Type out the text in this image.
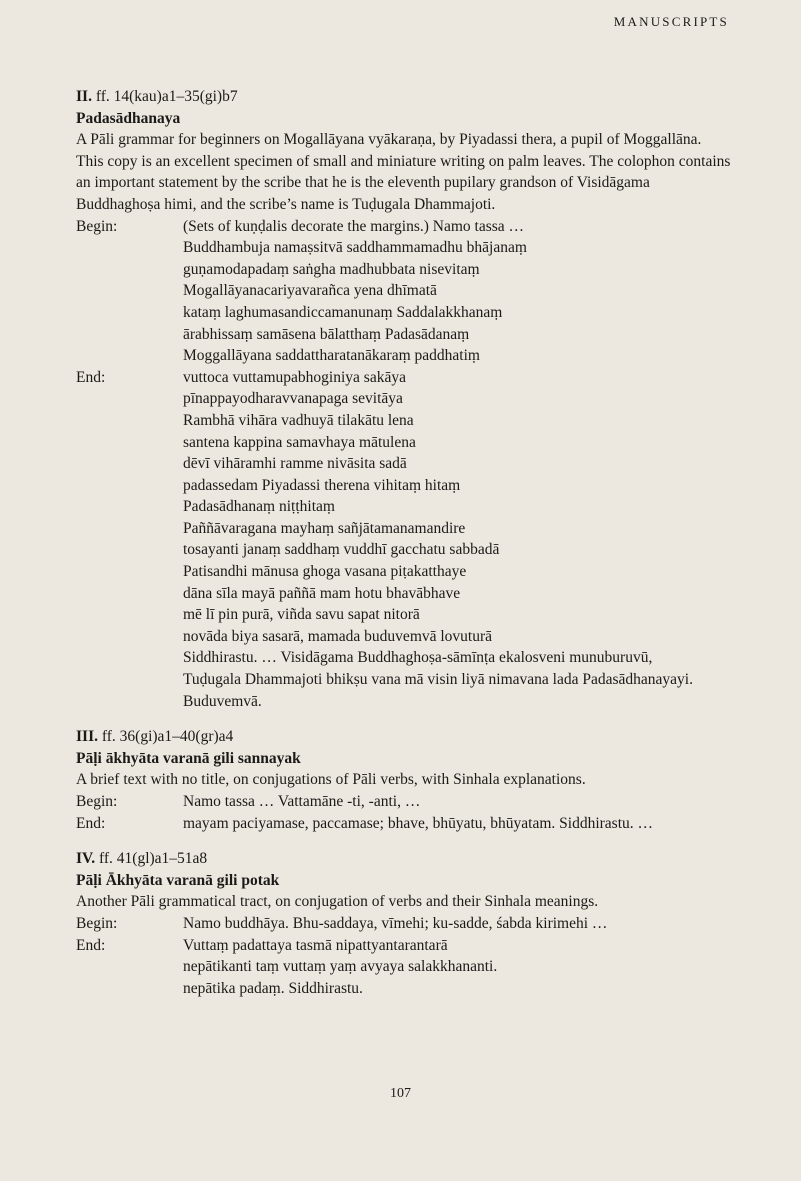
MANUSCRIPTS
II. ff. 14(kau)a1–35(gi)b7
Padasādhanaya

A Pāli grammar for beginners on Mogallāyana vyākaraṇa, by Piyadassi thera, a pupil of Moggallāna.

This copy is an excellent specimen of small and miniature writing on palm leaves. The colophon contains an important statement by the scribe that he is the eleventh pupilary grandson of Visidāgama Buddhaghoṣa himi, and the scribe’s name is Tuḍugala Dhammajoti.

Begin:	(Sets of kuṇḍalis decorate the margins.) Namo tassa …
Buddhambuja namaṣsitvā saddhammamadhu bhājanaṃ
guṇamodapadaṃ saṅgha madhubbata nisevitaṃ
Mogallāyanacariyavarañca yena dhīmatā
kataṃ laghumasandiccamanunaṃ Saddalakkhanaṃ
ārabhissaṃ samāsena bālatthaṃ Padasādanaṃ
Moggallāyana saddattharatanākaraṃ paddhatiṃ
End:	vuttoca vuttamupabhoginiya sakāya
pīnappayodharavvanapaga sevitāya
Rambhā vihāra vadhuyā tilakātu lena
santena kappina samavhaya mātulena
dēvī vihāramhi ramme nivāsita sadā
padassedam Piyadassi therena vihitaṃ hitaṃ
Padasādhanaṃ niṭṭhitaṃ
Paññāvaragana mayhaṃ sañjātamanamandire
tosayanti janaṃ saddhaṃ vuddhī gacchatu sabbadā
Patisandhi mānusa ghoga vasana piṭakatthaye
dāna sīla mayā paññā mam hotu bhavābhave
mē lī pin purā, viñda savu sapat nitorā
novāda biya sasarā, mamada buduvemvā lovuturā
Siddhirastu. … Visidāgama Buddhaghoṣa-sāmīnṭa ekalosveni munuburuvū,
Tuḍugala Dhammajoti bhikṣu vana mā visin liyā nimavana lada Padasādhanayayi.
Buduvemvā.
III. ff. 36(gi)a1–40(gr)a4
Pāḷi ākhyāta varanā gili sannayak

A brief text with no title, on conjugations of Pāli verbs, with Sinhala explanations.

Begin:	Namo tassa … Vattamāne -ti, -anti, …
End:	mayam paciyamase, paccamase; bhave, bhūyatu, bhūyatam. Siddhirastu. …
IV. ff. 41(gl)a1–51a8
Pāḷi Ākhyāta varanā gili potak

Another Pāli grammatical tract, on conjugation of verbs and their Sinhala meanings.

Begin:	Namo buddhāya. Bhu-saddaya, vīmehi; ku-sadde, śabda kirimehi …
End:	Vuttaṃ padattaya tasmā nipattyantarantarā
nepātikanti taṃ vuttaṃ yaṃ avyaya salakkhananti.
nepātika padaṃ. Siddhirastu.
107
